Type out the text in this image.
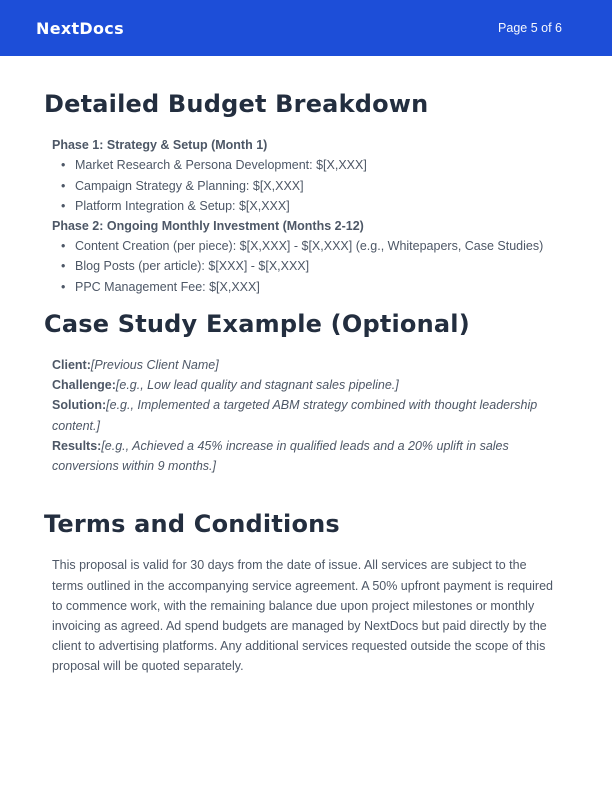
NextDocs	Page 5 of 6
Detailed Budget Breakdown

Phase 1: Strategy & Setup (Month 1)

• Market Research & Persona Development: $[X,XXX]
• Campaign Strategy & Planning: $[X,XXX]
• Platform Integration & Setup: $[X,XXX]

Phase 2: Ongoing Monthly Investment (Months 2-12)

• Content Creation (per piece): $[X,XXX] - $[X,XXX] (e.g., Whitepapers, Case Studies)
• Blog Posts (per article): $[XXX] - $[X,XXX]
• PPC Management Fee: $[X,XXX]
Case Study Example (Optional)

Client:[Previous Client Name]

Challenge:[e.g., Low lead quality and stagnant sales pipeline.]

Solution:[e.g., Implemented a targeted ABM strategy combined with thought leadership content.]

Results:[e.g., Achieved a 45% increase in qualified leads and a 20% uplift in sales conversions within 9 months.]

Terms and Conditions

This proposal is valid for 30 days from the date of issue. All services are subject to the terms outlined in the accompanying service agreement. A 50% upfront payment is required to commence work, with the remaining balance due upon project milestones or monthly invoicing as agreed. Ad spend budgets are managed by NextDocs but paid directly by the client to advertising platforms. Any additional services requested outside the scope of this proposal will be quoted separately.
